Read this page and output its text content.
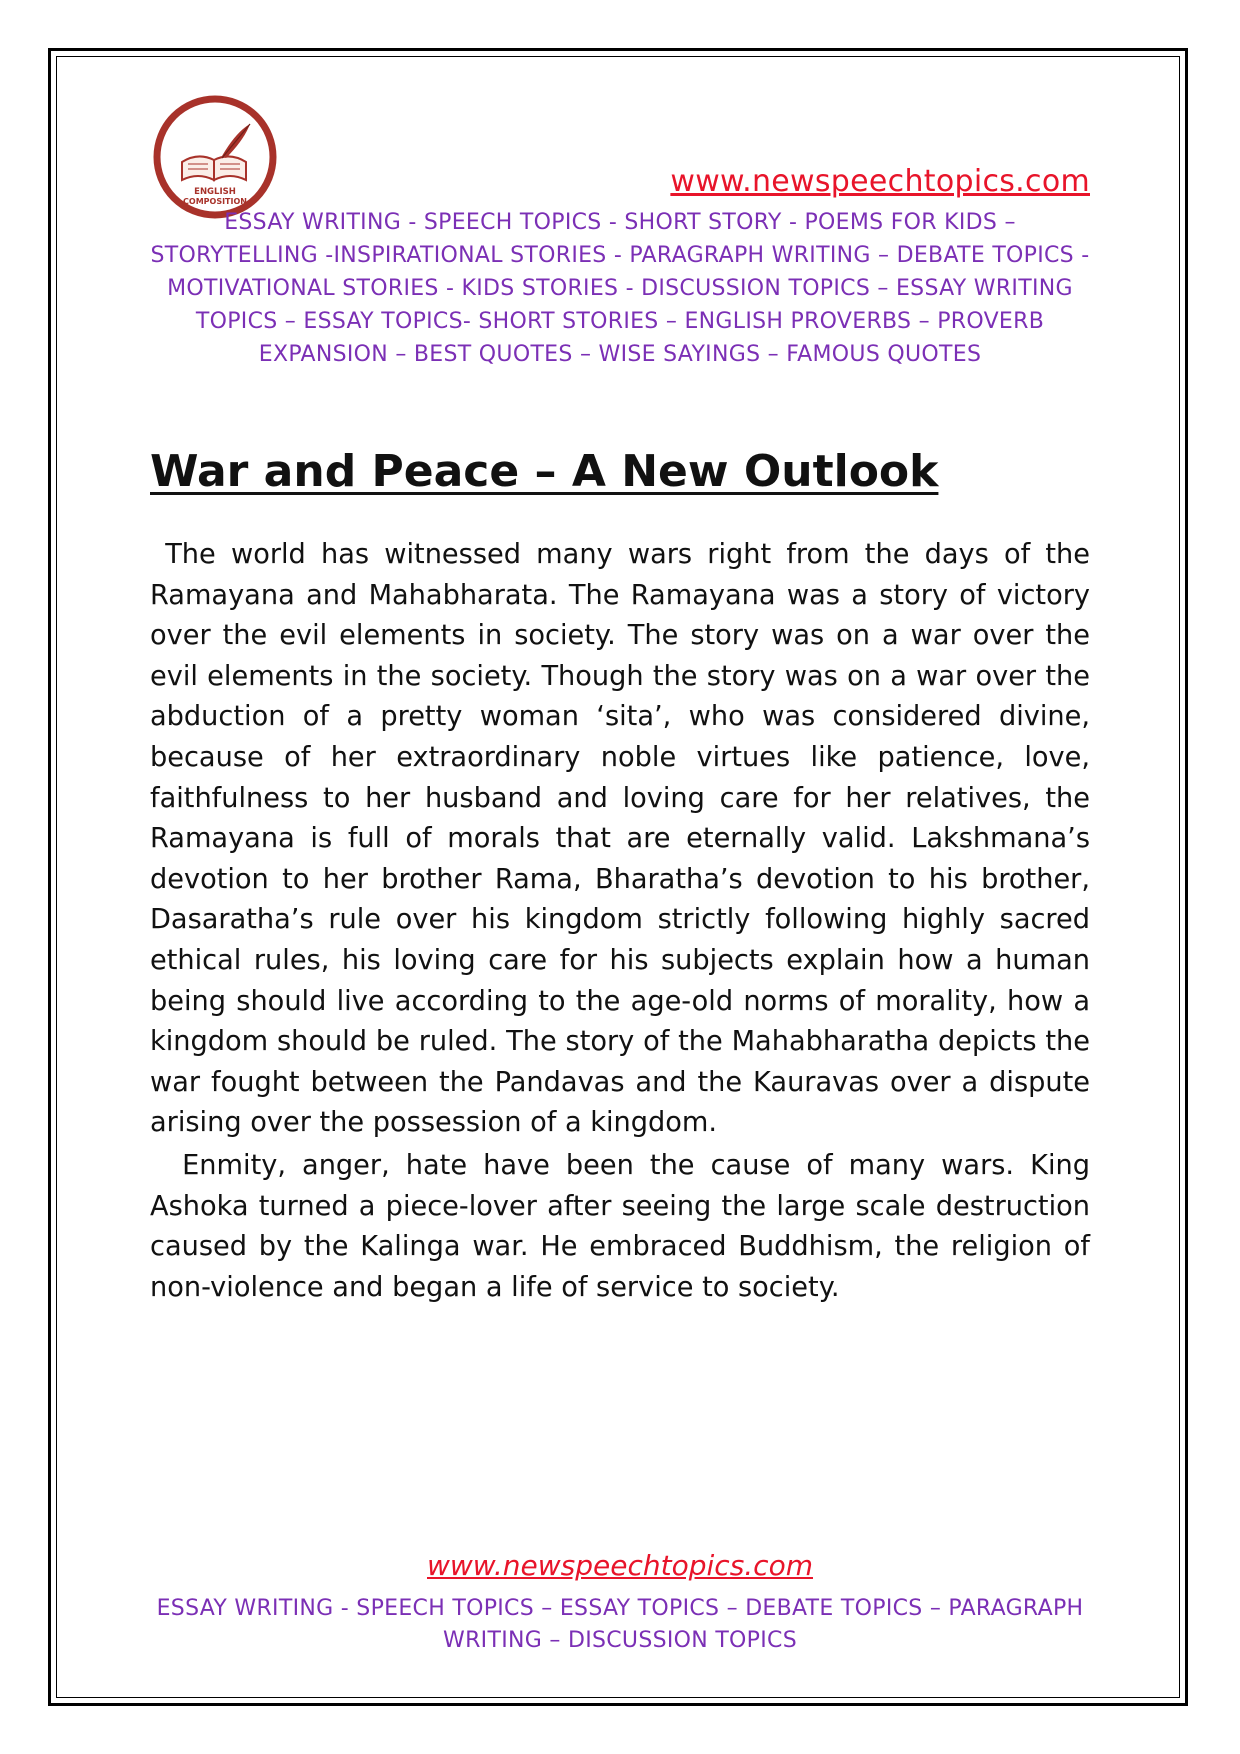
ENGLISH
COMPOSITION
www.newspeechtopics.com
ESSAY WRITING - SPEECH TOPICS - SHORT STORY - POEMS FOR KIDS – STORYTELLING -INSPIRATIONAL STORIES - PARAGRAPH WRITING – DEBATE TOPICS - MOTIVATIONAL STORIES - KIDS STORIES - DISCUSSION TOPICS – ESSAY WRITING TOPICS – ESSAY TOPICS- SHORT STORIES – ENGLISH PROVERBS – PROVERB EXPANSION – BEST QUOTES – WISE SAYINGS – FAMOUS QUOTES
War and Peace – A New Outlook

The world has witnessed many wars right from the days of the Ramayana and Mahabharata. The Ramayana was a story of victory over the evil elements in society. The story was on a war over the evil elements in the society. Though the story was on a war over the abduction of a pretty woman ‘sita’, who was considered divine, because of her extraordinary noble virtues like patience, love, faithfulness to her husband and loving care for her relatives, the Ramayana is full of morals that are eternally valid. Lakshmana’s devotion to her brother Rama, Bharatha’s devotion to his brother, Dasaratha’s rule over his kingdom strictly following highly sacred ethical rules, his loving care for his subjects explain how a human being should live according to the age-old norms of morality, how a kingdom should be ruled. The story of the Mahabharatha depicts the war fought between the Pandavas and the Kauravas over a dispute arising over the possession of a kingdom.

Enmity, anger, hate have been the cause of many wars. King Ashoka turned a piece-lover after seeing the large scale destruction caused by the Kalinga war. He embraced Buddhism, the religion of non-violence and began a life of service to society.

www.newspeechtopics.com
ESSAY WRITING - SPEECH TOPICS – ESSAY TOPICS – DEBATE TOPICS – PARAGRAPH WRITING – DISCUSSION TOPICS
